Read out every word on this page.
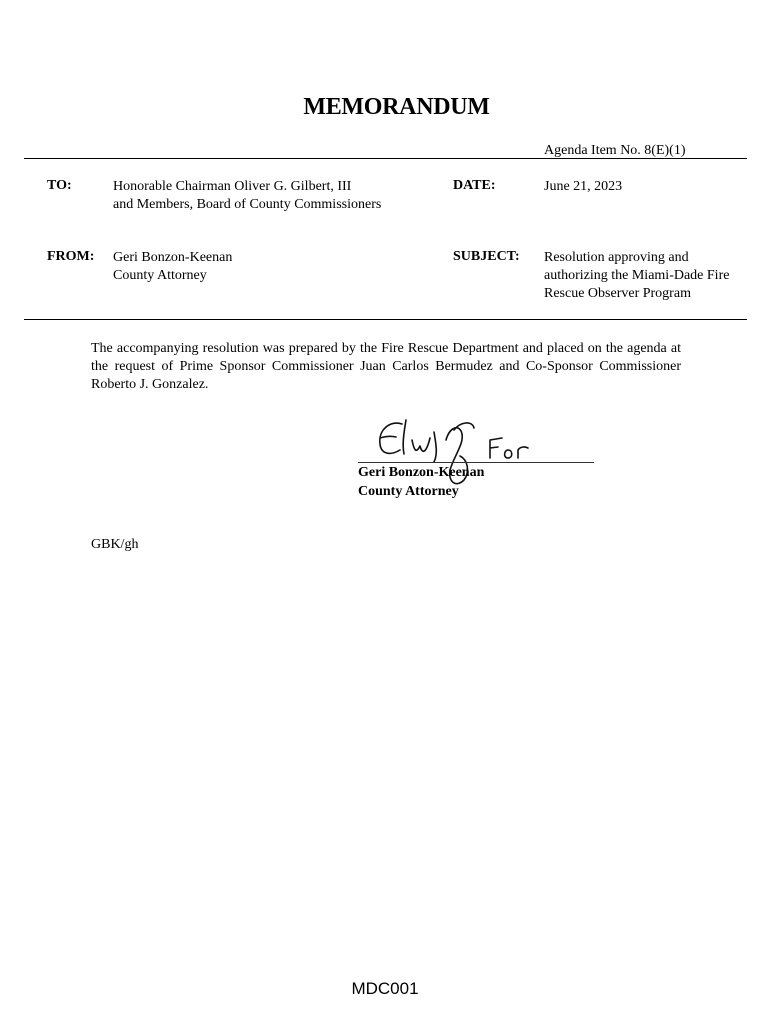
MEMORANDUM
Agenda Item No. 8(E)(1)
TO:	Honorable Chairman Oliver G. Gilbert, III
and Members, Board of County Commissioners
DATE:	June 21, 2023
FROM: Geri Bonzon-Keenan
County Attorney
SUBJECT: Resolution approving and
authorizing the Miami-Dade Fire
Rescue Observer Program
The accompanying resolution was prepared by the Fire Rescue Department and placed on the agenda at the request of Prime Sponsor Commissioner Juan Carlos Bermudez and Co-Sponsor Commissioner Roberto J. Gonzalez.
Geri Bonzon-Keenan
County Attorney
GBK/gh
MDC001
